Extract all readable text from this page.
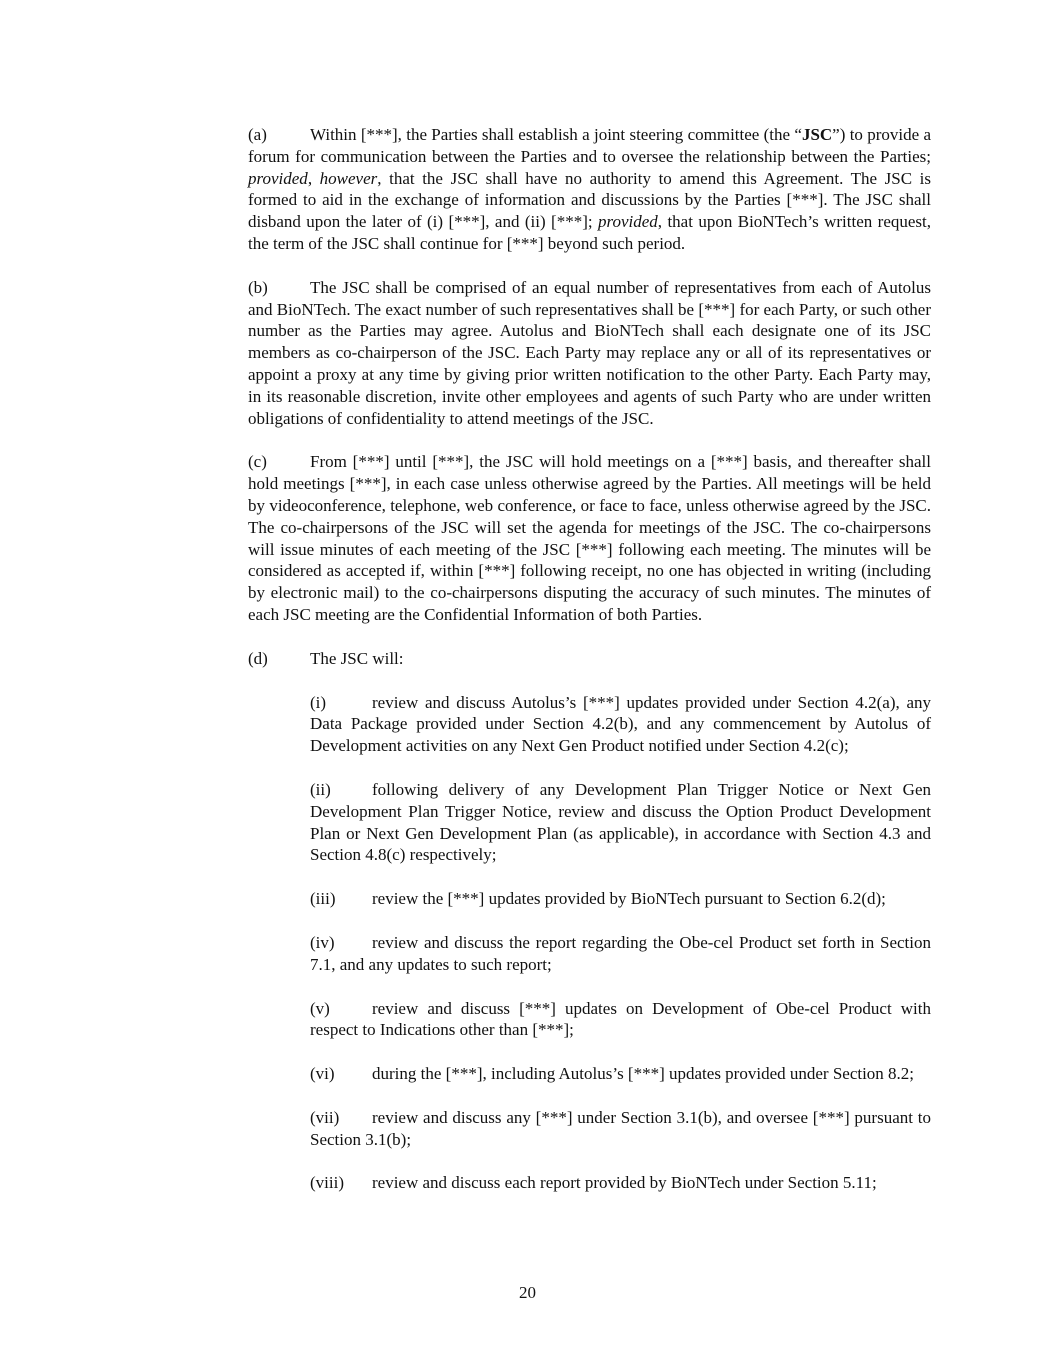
(a)	Within [***], the Parties shall establish a joint steering committee (the “JSC”) to provide a forum for communication between the Parties and to oversee the relationship between the Parties; provided, however, that the JSC shall have no authority to amend this Agreement. The JSC is formed to aid in the exchange of information and discussions by the Parties [***]. The JSC shall disband upon the later of (i) [***], and (ii) [***]; provided, that upon BioNTech’s written request, the term of the JSC shall continue for [***] beyond such period.

(b) The JSC shall be comprised of an equal number of representatives from each of Autolus and BioNTech. The exact number of such representatives shall be [***] for each Party, or such other number as the Parties may agree. Autolus and BioNTech shall each designate one of its JSC members as co-chairperson of the JSC. Each Party may replace any or all of its representatives or appoint a proxy at any time by giving prior written notification to the other Party. Each Party may, in its reasonable discretion, invite other employees and agents of such Party who are under written obligations of confidentiality to attend meetings of the JSC.

(c)	From [***] until [***], the JSC will hold meetings on a [***] basis, and thereafter shall hold meetings [***], in each case unless otherwise agreed by the Parties. All meetings will be held by videoconference, telephone, web conference, or face to face, unless otherwise agreed by the JSC. The co-chairpersons of the JSC will set the agenda for meetings of the JSC. The co-chairpersons will issue minutes of each meeting of the JSC [***] following each meeting. The minutes will be considered as accepted if, within [***] following receipt, no one has objected in writing (including by electronic mail) to the co-chairpersons disputing the accuracy of such minutes. The minutes of each JSC meeting are the Confidential Information of both Parties.

(d) The JSC will:

(i)	review and discuss Autolus’s [***] updates provided under Section 4.2(a), any Data Package provided under Section 4.2(b), and any commencement by Autolus of Development activities on any Next Gen Product notified under Section 4.2(c);

(ii) following delivery of any Development Plan Trigger Notice or Next Gen Development Plan Trigger Notice, review and discuss the Option Product Development Plan or Next Gen Development Plan (as applicable), in accordance with Section 4.3 and Section 4.8(c) respectively;

(iii) review the [***] updates provided by BioNTech pursuant to Section 6.2(d);

(iv) review and discuss the report regarding the Obe-cel Product set forth in Section 7.1, and any updates to such report;

(v) review and discuss [***] updates on Development of Obe-cel Product with respect to Indications other than [***];

(vi) during the [***], including Autolus’s [***] updates provided under Section 8.2;

(vii) review and discuss any [***] under Section 3.1(b), and oversee [***] pursuant to Section 3.1(b);

(viii) review and discuss each report provided by BioNTech under Section 5.11;

20
